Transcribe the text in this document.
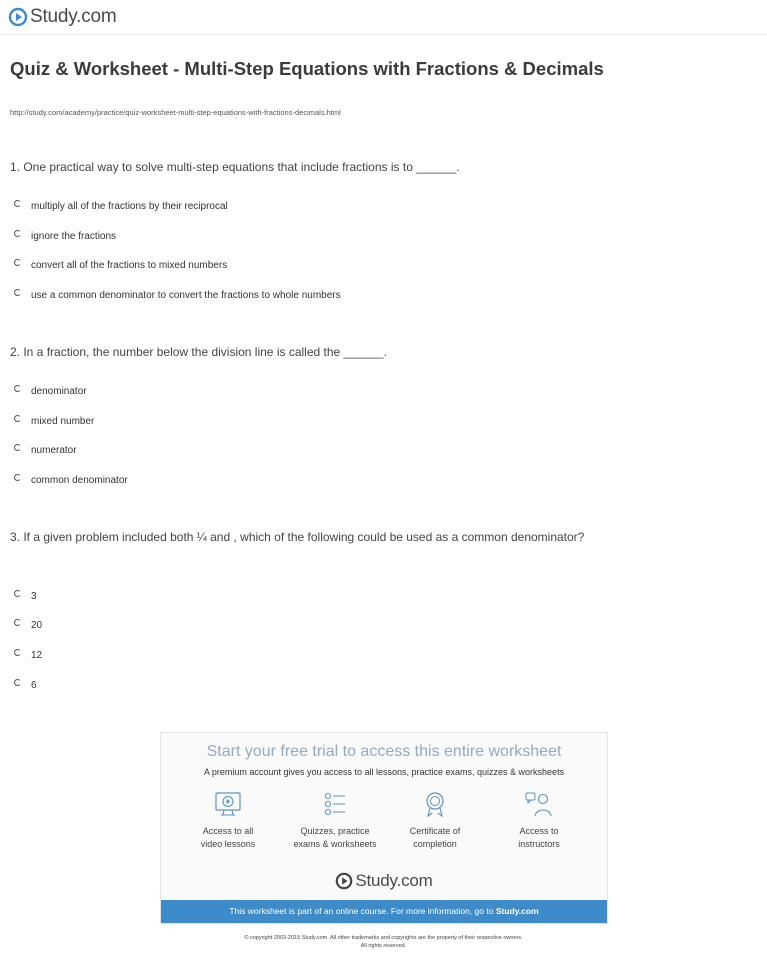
Study.com
Quiz & Worksheet - Multi-Step Equations with Fractions & Decimals
http://study.com/academy/practice/quiz-worksheet-multi-step-equations-with-fractions-decimals.html
1. One practical way to solve multi-step equations that include fractions is to ______.
multiply all of the fractions by their reciprocal
ignore the fractions
convert all of the fractions to mixed numbers
use a common denominator to convert the fractions to whole numbers
2. In a fraction, the number below the division line is called the ______.
denominator
mixed number
numerator
common denominator
3. If a given problem included both ¼ and , which of the following could be used as a common denominator?
3
20
12
6
Start your free trial to access this entire worksheet
A premium account gives you access to all lessons, practice exams, quizzes & worksheets
Access to all
video lessons
Quizzes, practice
exams & worksheets
Certificate of
completion
Access to
instructors
Study.com
This worksheet is part of an online course. For more information, go to Study.com
© copyright 2003-2015 Study.com. All other trademarks and copyrights are the property of their respective owners.
All rights reserved.
